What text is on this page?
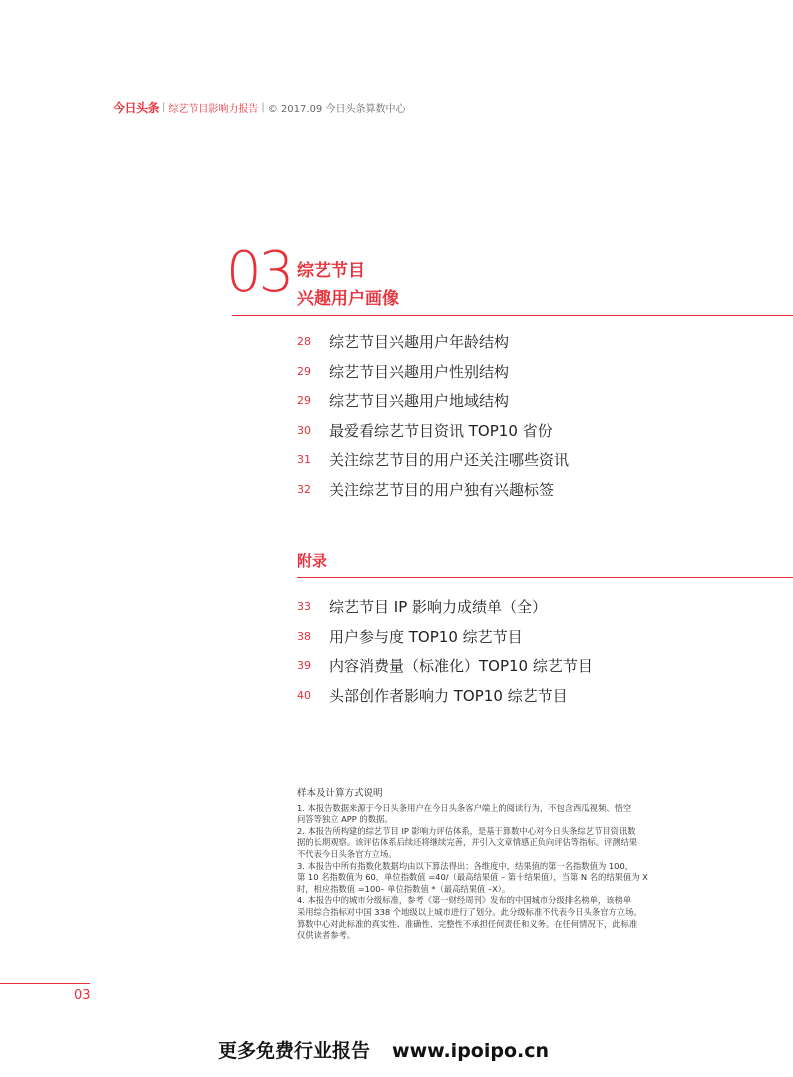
今日头条 | 综艺节目影响力报告 | © 2017.09 今日头条算数中心
03 综艺节目
兴趣用户画像
28	综艺节目兴趣用户年龄结构
29	综艺节目兴趣用户性别结构
29	综艺节目兴趣用户地域结构
30	最爱看综艺节目资讯 TOP10 省份
31	关注综艺节目的用户还关注哪些资讯
32	关注综艺节目的用户独有兴趣标签
附录
33	综艺节目 IP 影响力成绩单（全）
38	用户参与度 TOP10 综艺节目
39	内容消费量（标准化）TOP10 综艺节目
40	头部创作者影响力 TOP10 综艺节目
样本及计算方式说明

1. 本报告数据来源于今日头条用户在今日头条客户端上的阅读行为，不包含西瓜视频、悟空

问答等独立 APP 的数据。

2. 本报告所构建的综艺节目 IP 影响力评估体系，是基于算数中心对今日头条综艺节目资讯数

据的长期观察。该评估体系后续还将继续完善，并引入文章情感正负向评估等指标。评测结果

不代表今日头条官方立场。

3. 本报告中所有指数化数据均由以下算法得出：各维度中，结果值的第一名指数值为 100，

第 10 名指数值为 60，单位指数值 =40/（最高结果值 – 第十结果值），当第 N 名的结果值为 X

时，相应指数值 =100– 单位指数值 *（最高结果值 –X）。

4. 本报告中的城市分级标准，参考《第一财经周刊》发布的中国城市分级排名榜单，该榜单

采用综合指标对中国 338 个地级以上城市进行了划分。此分级标准不代表今日头条官方立场。

算数中心对此标准的真实性、准确性、完整性不承担任何责任和义务。在任何情况下，此标准

仅供读者参考。

03
更多免费行业报告 www.ipoipo.cn
